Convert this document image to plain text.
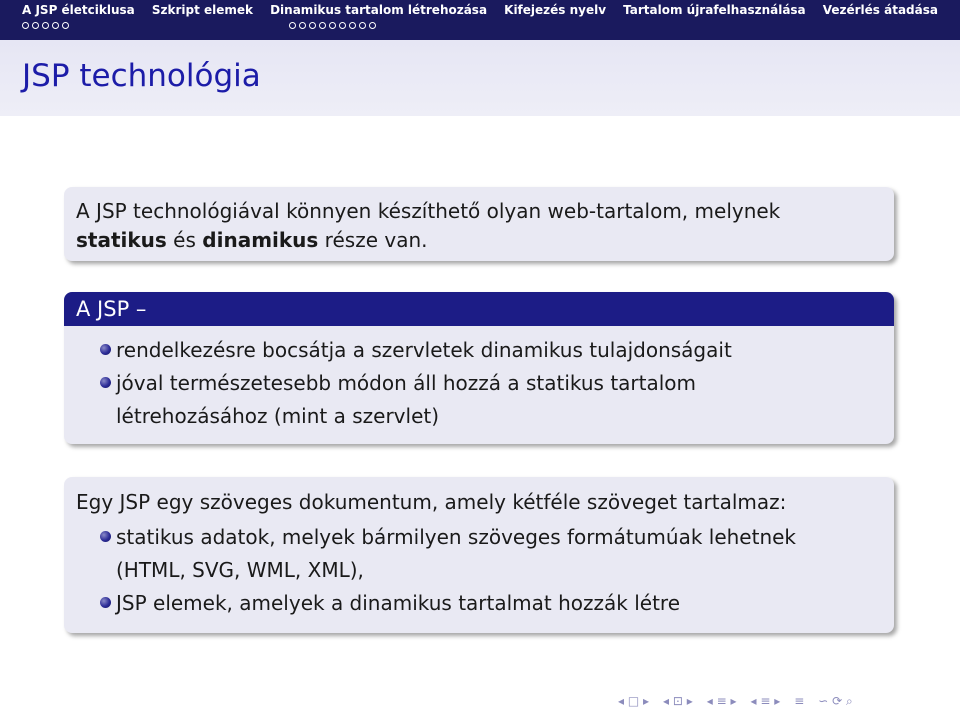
A JSP életciklusa Szkript elemek Dinamikus tartalom létrehozása Kifejezés nyelv Tartalom újrafelhasználása Vezérlés átadása
JSP technológia
A JSP technológiával könnyen készíthető olyan web-tartalom, melynek
statikus és dinamikus része van.
A JSP –
rendelkezésre bocsátja a szervletek dinamikus tulajdonságait
jóval természetesebb módon áll hozzá a statikus tartalom létrehozásához (mint a szervlet)
Egy JSP egy szöveges dokumentum, amely kétféle szöveget tartalmaz:
statikus adatok, melyek bármilyen szöveges formátumúak lehetnek (HTML, SVG, WML, XML),
JSP elemek, amelyek a dinamikus tartalmat hozzák létre
◂ □ ▸ ◂ ⊡ ▸ ◂ ≡ ▸ ◂ ≡ ▸ ≡ ∽ ⟳ ⌕
